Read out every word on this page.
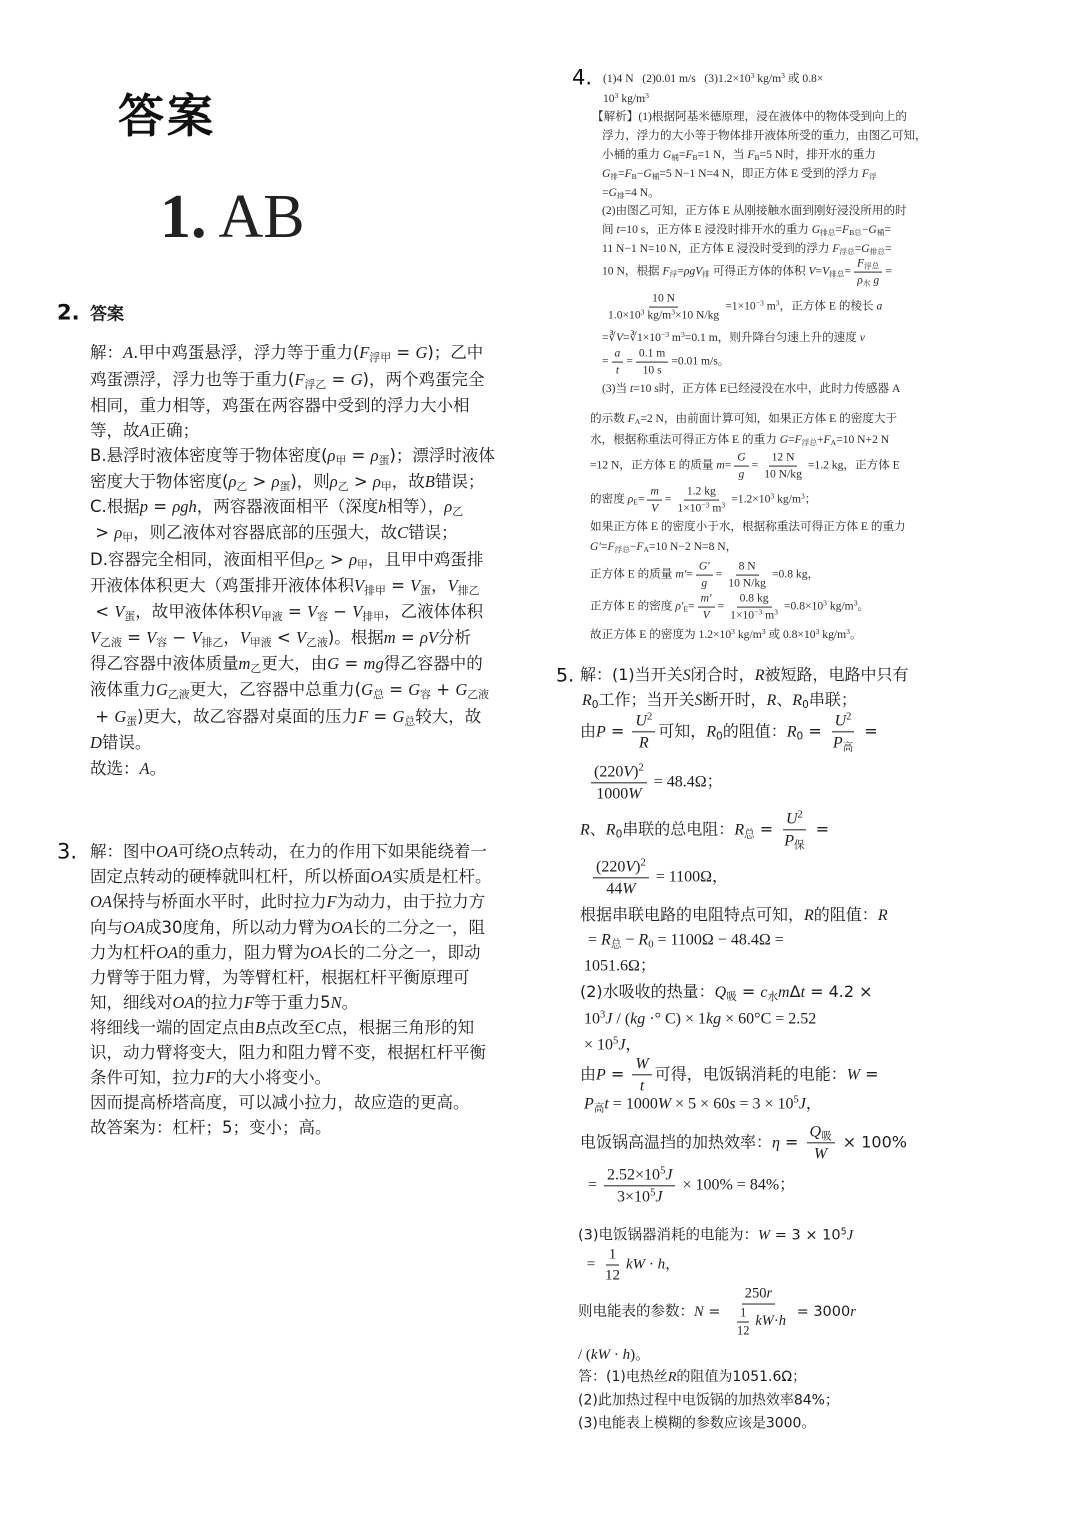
答案
1. AB
2. 答案
解：A.甲中鸡蛋悬浮，浮力等于重力$(F_{浮甲} = G)$；乙中
鸡蛋漂浮，浮力也等于重力$(F_{浮乙} = G)$，两个鸡蛋完全
相同，重力相等，鸡蛋在两容器中受到的浮力大小相
等，故A正确；
B.悬浮时液体密度等于物体密度$(\rho_甲 = \rho_蛋)$；漂浮时液体
密度大于物体密度$(\rho_乙 > \rho_蛋)$，则$\rho_乙 > \rho_甲$，故B错误；
C.根据p = ρgh，两容器液面相平（深度h相等），$\rho_乙$
> $\rho_甲$，则乙液体对容器底部的压强大，故C错误；
D.容器完全相同，液面相平但$\rho_乙 > \rho_甲$，且甲中鸡蛋排
开液体体积更大（鸡蛋排开液体体积$V_{排甲} = V_蛋$，$V_{排乙}$
< $V_蛋$，故甲液体体积$V_{甲液} = V_容 - V_{排甲}$，乙液体体积
$V_{乙液} = V_容 - V_{排乙}$，$V_{甲液} < V_{乙液}$)。根据m = ρV分析
得乙容器中液体质量$m_乙$更大，由G = mg得乙容器中的
液体重力$G_{乙液}$更大，乙容器中总重力($G_总 = G_容 + G_{乙液}$
+ $G_蛋$)更大，故乙容器对桌面的压力$F = G_总$较大，故
D错误。
故选：A。
3. 解：图中OA可绕O点转动，在力的作用下如果能绕着一
固定点转动的硬棒就叫杠杆，所以桥面OA实质是杠杆。
OA保持与桥面水平时，此时拉力F为动力，由于拉力方
向与OA成30度角，所以动力臂为OA长的二分之一，阻
力为杠杆OA的重力，阻力臂为OA长的二分之一，即动
力臂等于阻力臂，为等臂杠杆，根据杠杆平衡原理可
知，细线对OA的拉力F等于重力5N。
将细线一端的固定点由B点改至C点，根据三角形的知
识，动力臂将变大，阻力和阻力臂不变，根据杠杆平衡
条件可知，拉力F的大小将变小。
因而提高桥塔高度，可以减小拉力，故应造的更高。
故答案为：杠杆；5；变小；高。
4. (1)4 N   (2)0.01 m/s   $(3)1.2\times 10^3$ $kg/m^3$ 或 0.8×
$10^3$ $kg/m^3$
【解析】(1)根据阿基米德原理，浸在液体中的物体受到向上的
浮力，浮力的大小等于物体排开液体所受的重力，由图乙可知，
小桶的重力 $G_桶=F_B=1$ N，当 $F_B=5$ N时，排开水的重力
$G_排=F_B-G_桶=5$ N−1 N=4 N，即正方体 E 受到的浮力 $F_浮$
$=G_排=4$ N。
(2)由图乙可知，正方体 E 从刚接触水面到刚好浸没所用的时
间 t=10 s，正方体 E 浸没时排开水的重力 $G_{排总}=F_{B总}-G_桶=$
11 N−1 N=10 N，正方体 E 浸没时受到的浮力 $F_{浮总}=G_{排总}=$
10 N，根据 $F_浮=\rho gV_排$ 可得正方体的体积 $V=V_{排总}= \frac{F_{浮总}}{\rho_水 g}$ =
$\frac{10 N}{1.0\times 10^3 kg/m^3\times 10 N/kg} =1\times 10^{-3}$ $m^3$，正方体 E 的棱长 a
$=∛V=∛1\times 10^{-3}$ $m^3=0.1$ m，则升降台匀速上升的速度 v
= $\frac{a}{t} = \frac{0.1 m}{10 s} =0.01$ m/s。
(3)当 t=10 s时，正方体 E已经浸没在水中，此时力传感器 A
的示数 $F_A=2$ N，由前面计算可知，如果正方体 E 的密度大于
水，根据称重法可得正方体 E 的重力 $G=F_{浮总}+F_A=10$ N+2 N
=12 N，正方体 E 的质量 $m= \frac{G}{g} = \frac{12 N}{10 N/kg} =1.2$ kg，正方体 E
的密度 $\rho_E= \frac{m}{V} = \frac{1.2 kg}{1\times 10^{-3} m^3} =1.2\times 10^3$ $kg/m^3$；
如果正方体 E 的密度小于水，根据称重法可得正方体 E 的重力
$G'=F_{浮总}-F_A=10$ N−2 N=8 N，
正方体 E 的质量 $m'= \frac{G'}{g} = \frac{8 N}{10 N/kg} =0.8$ kg，
正方体 E 的密度 $\rho'_E= \frac{m'}{V} = \frac{0.8 kg}{1\times 10^{-3} m^3} =0.8\times 10^3$ $kg/m^3$。
故正方体 E 的密度为 $1.2\times 10^3$ $kg/m^3$ 或 $0.8\times 10^3$ $kg/m^3$。
5. 解：(1)当开关S闭合时，R被短路，电路中只有
$R_0$工作；当开关S断开时，R、$R_0$串联；
由$P = \frac{U^2}{R}$ 可知，$R_0$的阻值：$R_0 = \frac{U^2}{P_高}$ =
$\frac{(220V)^2}{1000W} = 48.4\Omega$；
R、$R_0$串联的总电阻：$R_总 = \frac{U^2}{P_保}$ =
$\frac{(220V)^2}{44W} = 1100\Omega$，
根据串联电路的电阻特点可知，R的阻值：R
= $R_总 - R_0 = 1100\Omega - 48.4\Omega$ =
1051.6Ω；
(2)水吸收的热量：$Q_吸 = c_水m\Delta t = 4.2$ ×
$10^3J / (kg$ ·° C) × 1kg × 60°C = 2.52
× $10^5J$，
由$P = \frac{W}{t}$ 可得，电饭锅消耗的电能：W =
$P_高t = 1000W \times 5 \times 60s = 3 \times 10^5J$，
电饭锅高温挡的加热效率：$\eta = \frac{Q_吸}{W} \times 100\%$
= $\frac{2.52\times 10^5J}{3\times 10^5J} \times 100\% = 84\%$；
(3)电饭锅器消耗的电能为：$W = 3 \times 10^5J$
= $\frac{1}{12}$ kW · h，
则电能表的参数：$N = \frac{250r}{\frac{1}{12} kW\cdot h} = 3000r$
/ (kW · h)。
答：(1)电热丝R的阻值为1051.6Ω；
(2)此加热过程中电饭锅的加热效率84%；
(3)电能表上模糊的参数应该是3000。
